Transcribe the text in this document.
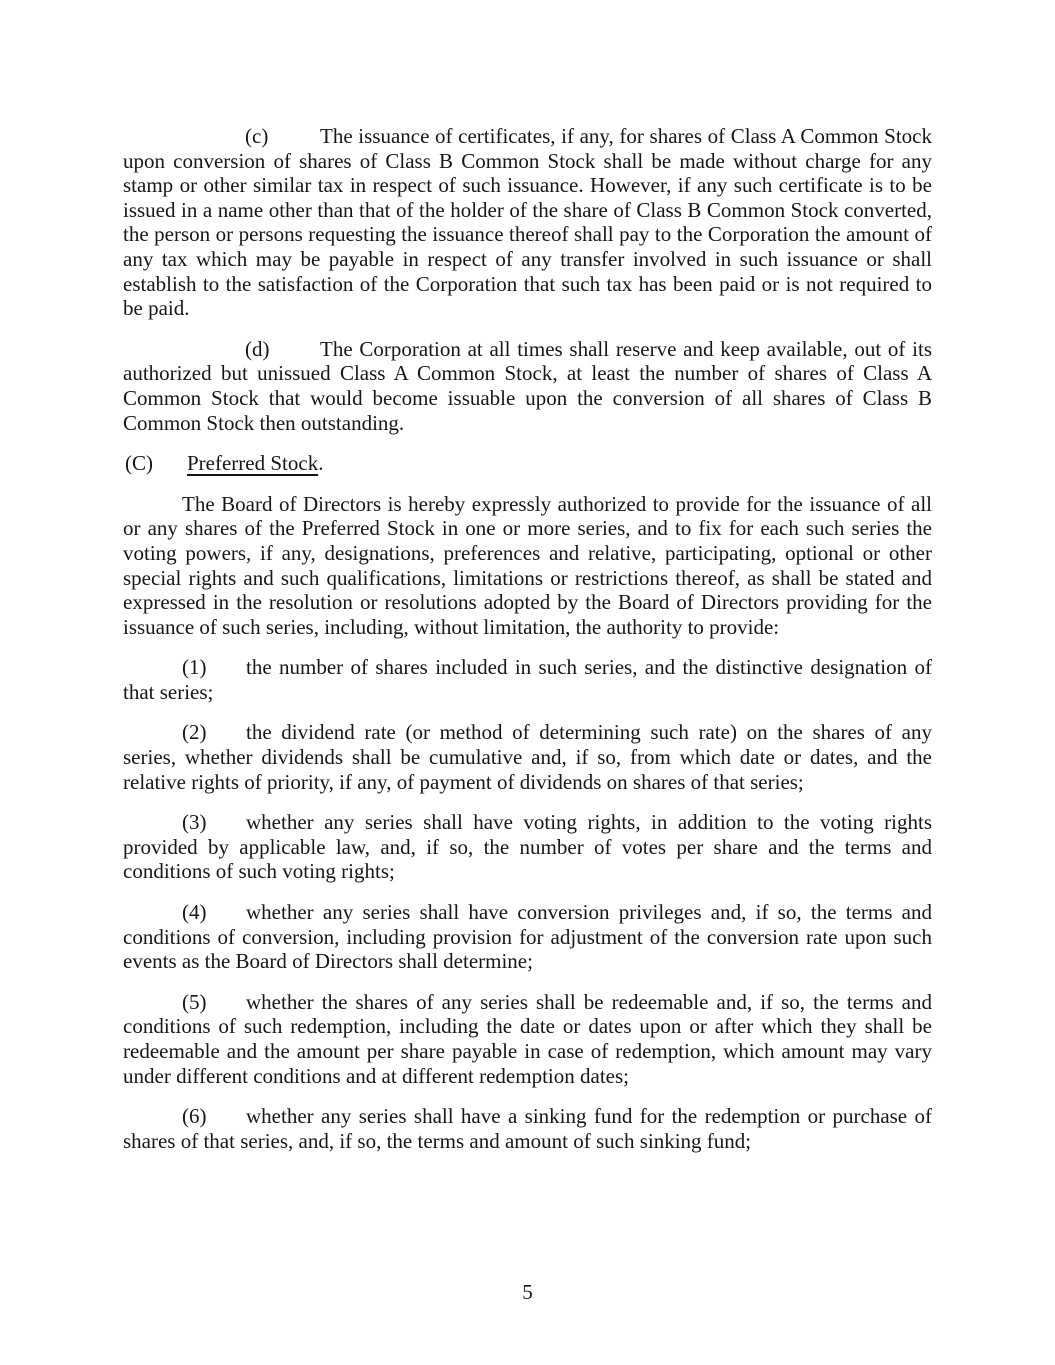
(c) The issuance of certificates, if any, for shares of Class A Common Stock upon conversion of shares of Class B Common Stock shall be made without charge for any stamp or other similar tax in respect of such issuance. However, if any such certificate is to be issued in a name other than that of the holder of the share of Class B Common Stock converted, the person or persons requesting the issuance thereof shall pay to the Corporation the amount of any tax which may be payable in respect of any transfer involved in such issuance or shall establish to the satisfaction of the Corporation that such tax has been paid or is not required to be paid.

(d) The Corporation at all times shall reserve and keep available, out of its authorized but unissued Class A Common Stock, at least the number of shares of Class A Common Stock that would become issuable upon the conversion of all shares of Class B Common Stock then outstanding.

(C) Preferred Stock.

The Board of Directors is hereby expressly authorized to provide for the issuance of all or any shares of the Preferred Stock in one or more series, and to fix for each such series the voting powers, if any, designations, preferences and relative, participating, optional or other special rights and such qualifications, limitations or restrictions thereof, as shall be stated and expressed in the resolution or resolutions adopted by the Board of Directors providing for the issuance of such series, including, without limitation, the authority to provide:

(1) the number of shares included in such series, and the distinctive designation of that series;

(2) the dividend rate (or method of determining such rate) on the shares of any series, whether dividends shall be cumulative and, if so, from which date or dates, and the relative rights of priority, if any, of payment of dividends on shares of that series;

(3) whether any series shall have voting rights, in addition to the voting rights provided by applicable law, and, if so, the number of votes per share and the terms and conditions of such voting rights;

(4) whether any series shall have conversion privileges and, if so, the terms and conditions of conversion, including provision for adjustment of the conversion rate upon such events as the Board of Directors shall determine;

(5) whether the shares of any series shall be redeemable and, if so, the terms and conditions of such redemption, including the date or dates upon or after which they shall be redeemable and the amount per share payable in case of redemption, which amount may vary under different conditions and at different redemption dates;

(6) whether any series shall have a sinking fund for the redemption or purchase of shares of that series, and, if so, the terms and amount of such sinking fund;

5
